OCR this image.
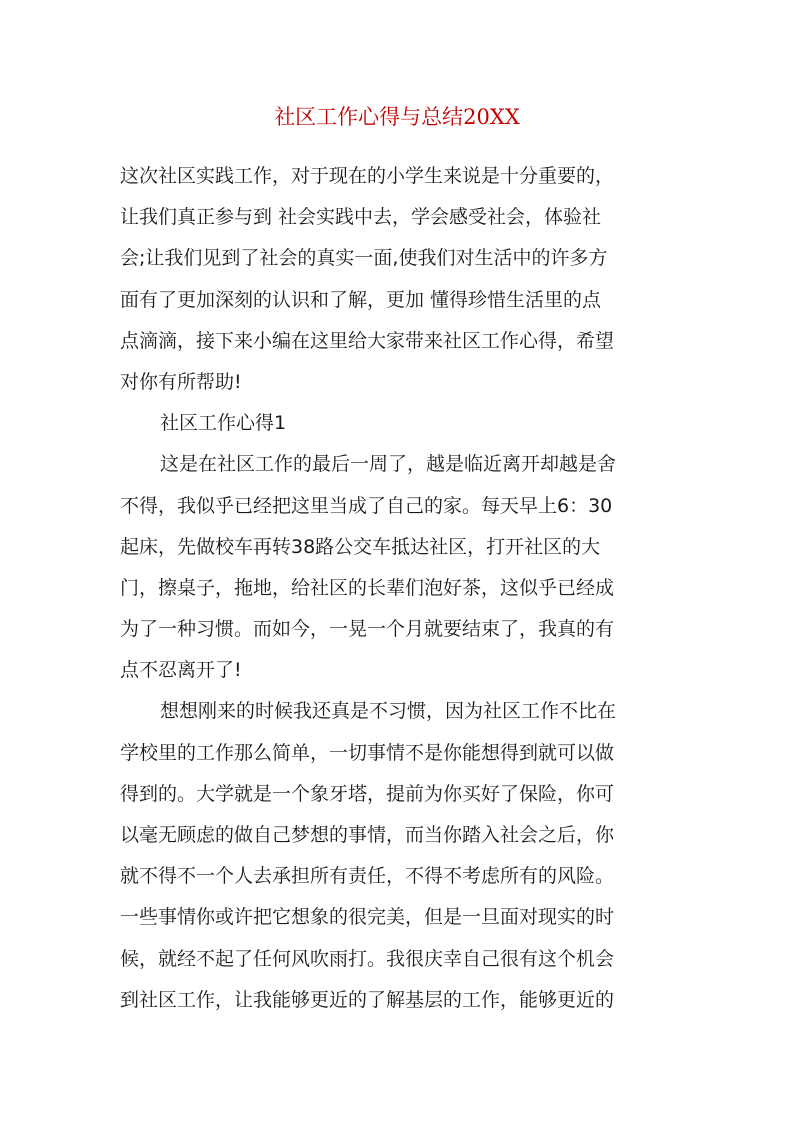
社区工作心得与总结20XX
这次社区实践工作，对于现在的小学生来说是十分重要的，
让我们真正参与到 社会实践中去，学会感受社会，体验社
会;让我们见到了社会的真实一面,使我们对生活中的许多方
面有了更加深刻的认识和了解，更加 懂得珍惜生活里的点
点滴滴，接下来小编在这里给大家带来社区工作心得，希望
对你有所帮助!
社区工作心得1
这是在社区工作的最后一周了，越是临近离开却越是舍
不得，我似乎已经把这里当成了自己的家。每天早上6：30
起床，先做校车再转38路公交车抵达社区，打开社区的大
门，擦桌子，拖地，给社区的长辈们泡好茶，这似乎已经成
为了一种习惯。而如今，一晃一个月就要结束了，我真的有
点不忍离开了!
想想刚来的时候我还真是不习惯，因为社区工作不比在
学校里的工作那么简单，一切事情不是你能想得到就可以做
得到的。大学就是一个象牙塔，提前为你买好了保险，你可
以毫无顾虑的做自己梦想的事情，而当你踏入社会之后，你
就不得不一个人去承担所有责任，不得不考虑所有的风险。
一些事情你或许把它想象的很完美，但是一旦面对现实的时
候，就经不起了任何风吹雨打。我很庆幸自己很有这个机会
到社区工作，让我能够更近的了解基层的工作，能够更近的
